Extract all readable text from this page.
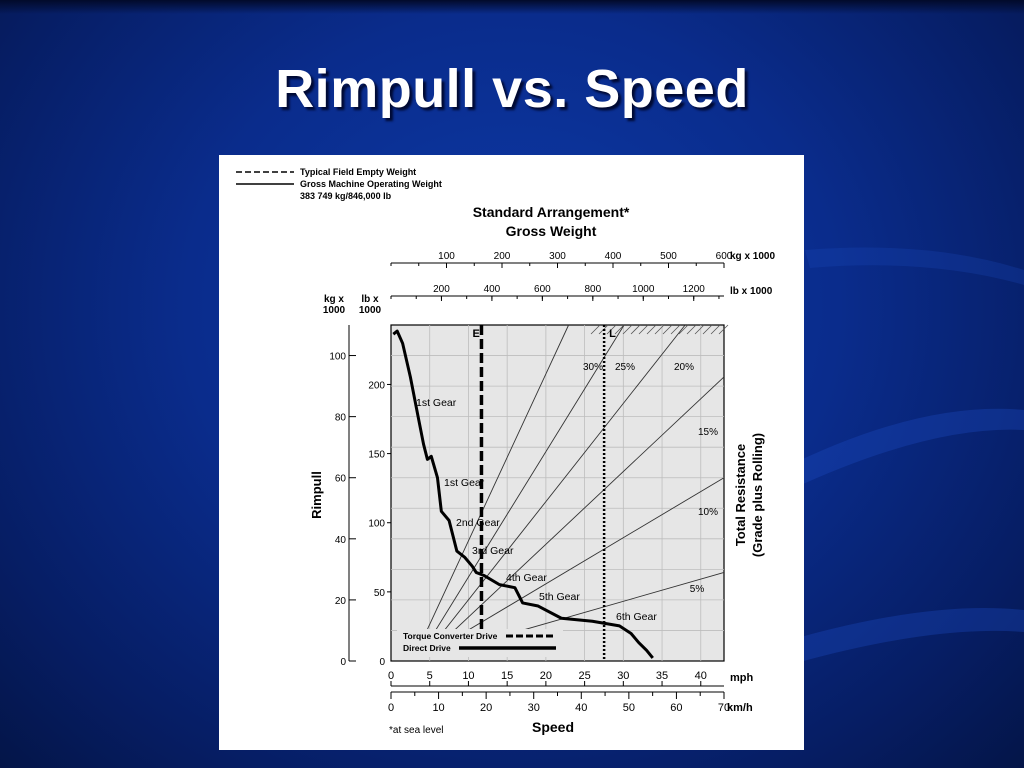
Rimpull vs. Speed
Typical Field Empty Weight
Gross Machine Operating Weight
383 749 kg/846,000 lb
Standard Arrangement*
Gross Weight
kg x 1000
100	200	300	400	500	600
lb x 1000
200	400	600	800	1000	1200
kg x
1000
lb x
1000
30% 25%	20%
15%
10%
5%
E	L
1st Gear
1st Gear
2nd Gear
3rd Gear
4th Gear
5th Gear
6th Gear
Torque Converter Drive
Direct Drive
0
20
40
60
80
100
0
50
100
150
200
Rimpull	Total Resistance (Grade plus Rolling)
0	5	10 15 20 25 30 35 40 mph
0	10	20	30	40	50	60	70
km/h
Speed
*at sea level
